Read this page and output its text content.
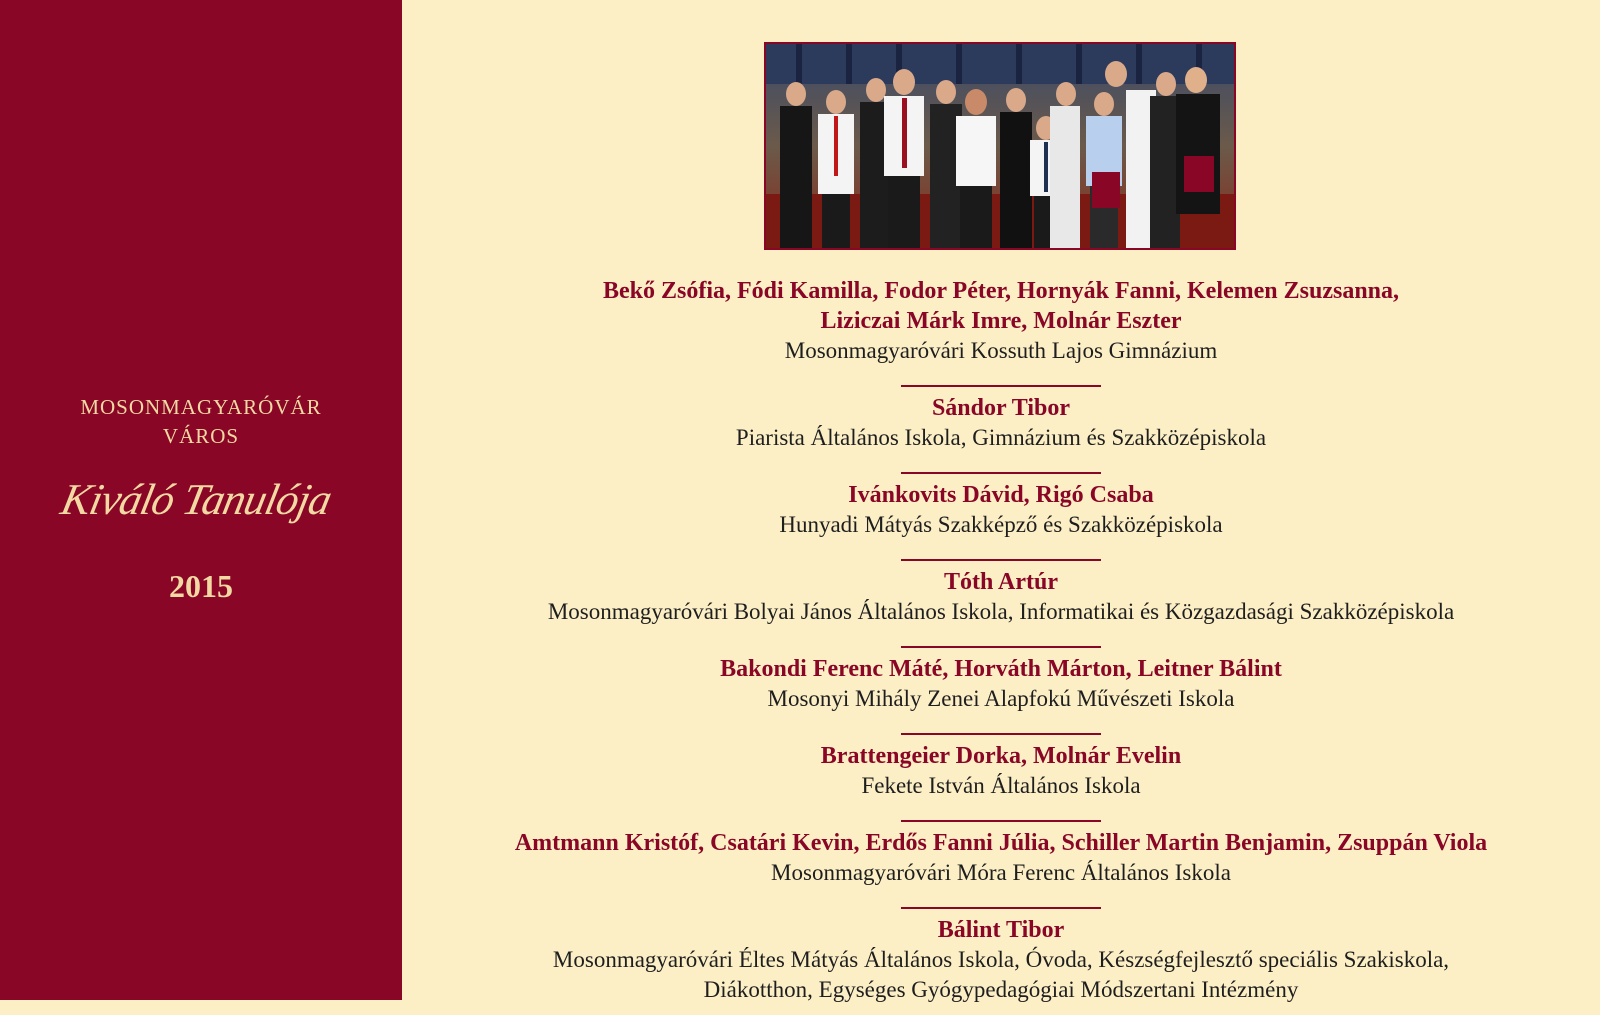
MOSONMAGYARÓVÁR
VÁROS
Kiváló Tanulója
2015
Bekő Zsófia, Fódi Kamilla, Fodor Péter, Hornyák Fanni, Kelemen Zsuzsanna,
Liziczai Márk Imre, Molnár Eszter
Mosonmagyaróvári Kossuth Lajos Gimnázium
Sándor Tibor
Piarista Általános Iskola, Gimnázium és Szakközépiskola
Ivánkovits Dávid, Rigó Csaba
Hunyadi Mátyás Szakképző és Szakközépiskola
Tóth Artúr
Mosonmagyaróvári Bolyai János Általános Iskola, Informatikai és Közgazdasági Szakközépiskola
Bakondi Ferenc Máté, Horváth Márton, Leitner Bálint
Mosonyi Mihály Zenei Alapfokú Művészeti Iskola
Brattengeier Dorka, Molnár Evelin
Fekete István Általános Iskola
Amtmann Kristóf, Csatári Kevin, Erdős Fanni Júlia, Schiller Martin Benjamin, Zsuppán Viola
Mosonmagyaróvári Móra Ferenc Általános Iskola
Bálint Tibor
Mosonmagyaróvári Éltes Mátyás Általános Iskola, Óvoda, Készségfejlesztő speciális Szakiskola,
Diákotthon, Egységes Gyógypedagógiai Módszertani Intézmény
